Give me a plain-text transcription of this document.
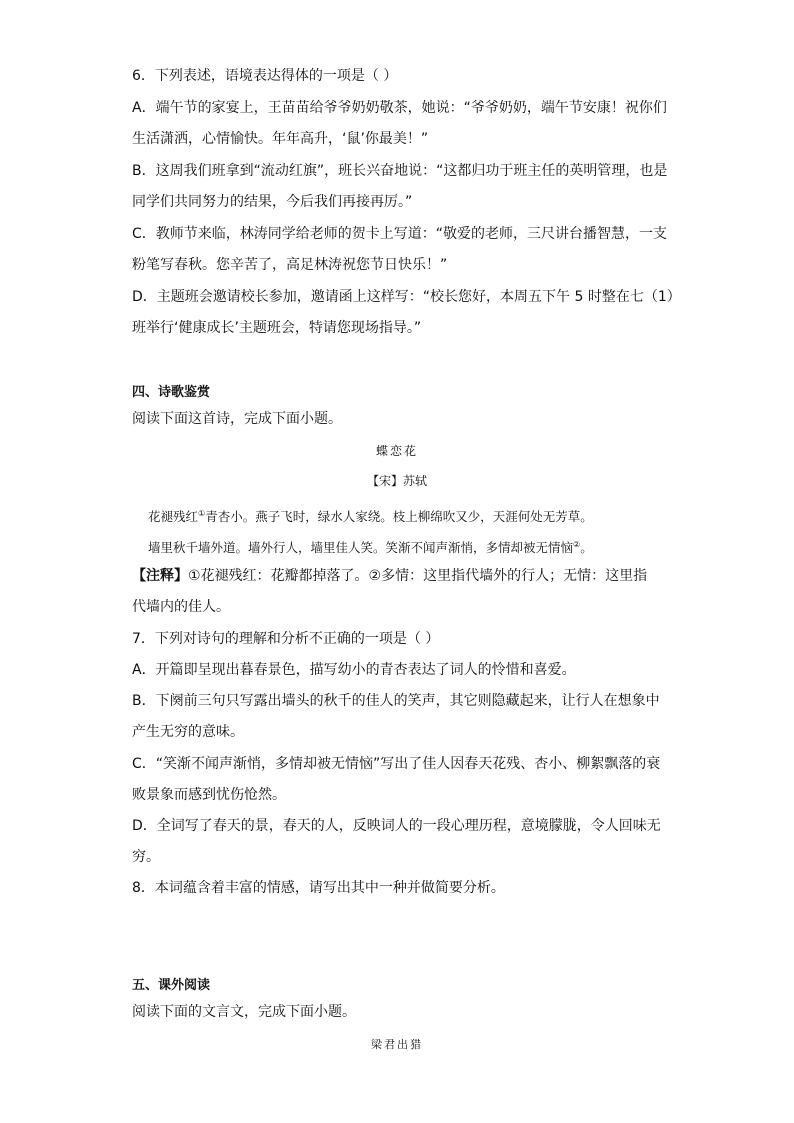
6．下列表述，语境表达得体的一项是（ ）
A．端午节的家宴上，王苗苗给爷爷奶奶敬茶，她说：“爷爷奶奶，端午节安康！祝你们
生活潇洒，心情愉快。年年高升，‘鼠’你最美！”
B．这周我们班拿到“流动红旗”，班长兴奋地说：“这都归功于班主任的英明管理，也是
同学们共同努力的结果，今后我们再接再厉。”
C．教师节来临，林涛同学给老师的贺卡上写道：“敬爱的老师，三尺讲台播智慧，一支
粉笔写春秋。您辛苦了，高足林涛祝您节日快乐！”
D．主题班会邀请校长参加，邀请函上这样写：“校长您好，本周五下午 5 时整在七（1）
班举行‘健康成长’主题班会，特请您现场指导。”
四、诗歌鉴赏
阅读下面这首诗，完成下面小题。
蝶恋花
【宋】苏轼
花褪残红①青杏小。燕子飞时，绿水人家绕。枝上柳绵吹又少，天涯何处无芳草。
墙里秋千墙外道。墙外行人，墙里佳人笑。笑渐不闻声渐悄，多情却被无情恼②。
【注释】①花褪残红：花瓣都掉落了。②多情：这里指代墙外的行人；无情：这里指
代墙内的佳人。
7．下列对诗句的理解和分析不正确的一项是（ ）
A．开篇即呈现出暮春景色，描写幼小的青杏表达了词人的怜惜和喜爱。
B．下阕前三句只写露出墙头的秋千的佳人的笑声，其它则隐藏起来，让行人在想象中
产生无穷的意味。
C．“笑渐不闻声渐悄，多情却被无情恼”写出了佳人因春天花残、杏小、柳絮飘落的衰
败景象而感到忧伤怆然。
D．全词写了春天的景，春天的人，反映词人的一段心理历程，意境朦胧，令人回味无
穷。
8．本词蕴含着丰富的情感，请写出其中一种并做简要分析。
五、课外阅读
阅读下面的文言文，完成下面小题。
梁君出猎
